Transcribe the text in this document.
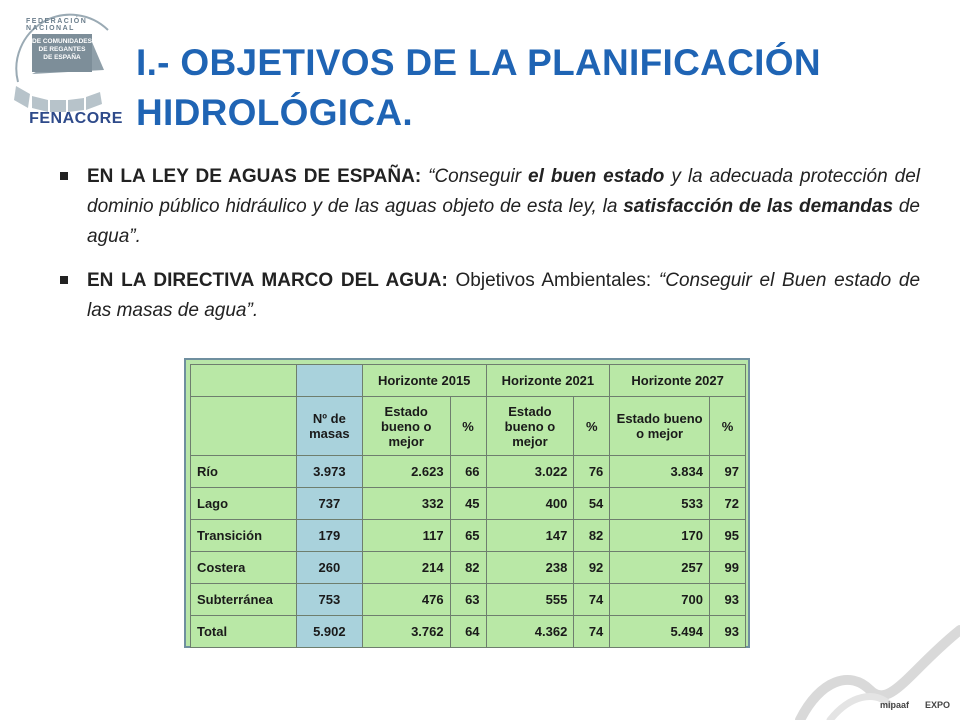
DE COMUNIDADES
DE REGANTES
DE ESPAÑA
FEDERACIÓN NACIONAL
FENACORE
I.- OBJETIVOS DE LA PLANIFICACIÓN
HIDROLÓGICA.
EN LA LEY DE AGUAS DE ESPAÑA: “Conseguir el buen estado y la adecuada protección del dominio público hidráulico y de las aguas objeto de esta ley, la satisfacción de las demandas de agua”.
EN LA DIRECTIVA MARCO DEL AGUA: Objetivos Ambientales: “Conseguir el Buen estado de las masas de agua”.
		Horizonte 2015		Horizonte 2021		Horizonte 2027	
	Nº de masas	Estado bueno o mejor	%	Estado bueno o mejor	%	Estado bueno o mejor	%
Río	3.973	2.623	66	3.022	76	3.834	97
Lago	737	332	45	400	54	533	72
Transición	179	117	65	147	82	170	95
Costera	260	214	82	238	92	257	99
Subterránea	753	476	63	555	74	700	93
Total	5.902	3.762	64	4.362	74	5.494	93
mipaaf EXPO
